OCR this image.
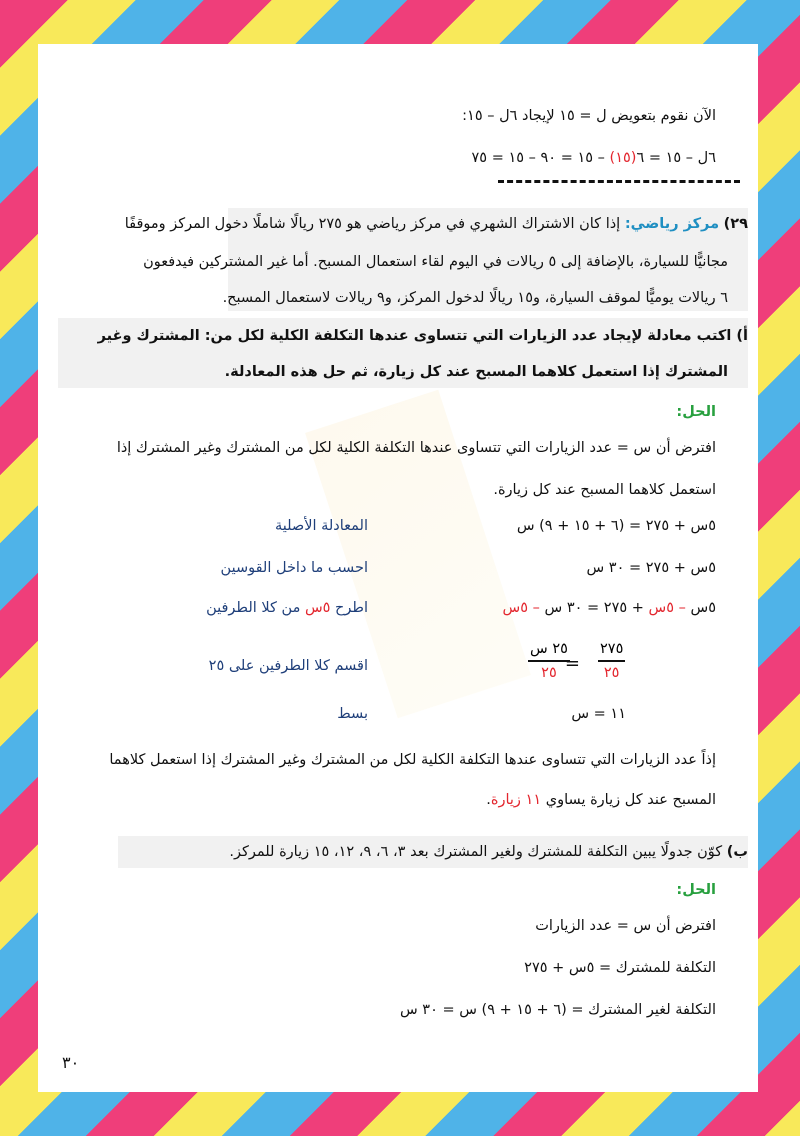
الآن نقوم بتعويض ل = ١٥ لإيجاد ٦ل – ١٥:
٦ل – ١٥ = ٦(١٥) – ١٥ = ٩٠ – ١٥ = ٧٥
٢٩) مركز رياضي: إذا كان الاشتراك الشهري في مركز رياضي هو ٢٧٥ ريالًا شاملًا دخول المركز وموقفًا
مجانيًّا للسيارة، بالإضافة إلى ٥ ريالات في اليوم لقاء استعمال المسبح. أما غير المشتركين فيدفعون
٦ ريالات يوميًّا لموقف السيارة، و١٥ ريالًا لدخول المركز، و٩ ريالات لاستعمال المسبح.
أ) اكتب معادلة لإيجاد عدد الزيارات التي تتساوى عندها التكلفة الكلية لكل من: المشترك وغير
المشترك إذا استعمل كلاهما المسبح عند كل زيارة، ثم حل هذه المعادلة.
الحل:
افترض أن س = عدد الزيارات التي تتساوى عندها التكلفة الكلية لكل من المشترك وغير المشترك إذا
استعمل كلاهما المسبح عند كل زيارة.
٥س + ٢٧٥ = (٦ + ١٥ + ٩) س
المعادلة الأصلية
٥س + ٢٧٥ = ٣٠ س
احسب ما داخل القوسين
٥س – ٥س + ٢٧٥ = ٣٠ س – ٥س
اطرح ٥س من كلا الطرفين
٢٥ س
٢٥ =
٢٧٥
٢٥
اقسم كلا الطرفين على ٢٥
١١ = س
بسط
إذاً عدد الزيارات التي تتساوى عندها التكلفة الكلية لكل من المشترك وغير المشترك إذا استعمل كلاهما
المسبح عند كل زيارة يساوي ١١ زيارة.
ب) كوّن جدولًا يبين التكلفة للمشترك ولغير المشترك بعد ٣، ٦، ٩، ١٢، ١٥ زيارة للمركز.
الحل:
افترض أن س = عدد الزيارات
التكلفة للمشترك = ٥س + ٢٧٥
التكلفة لغير المشترك = (٦ + ١٥ + ٩) س = ٣٠ س
٣٠
